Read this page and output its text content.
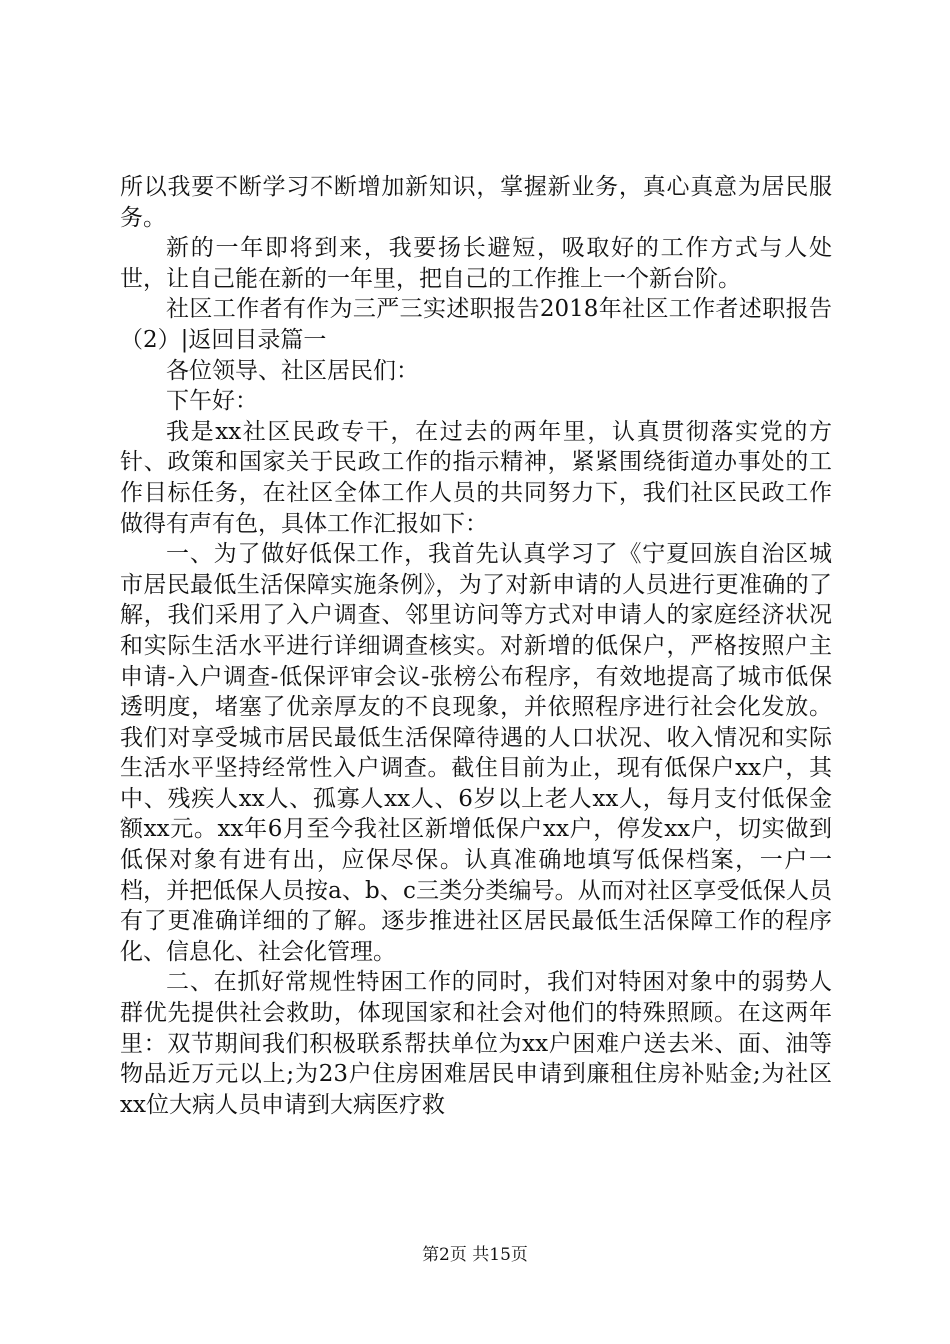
所以我要不断学习不断增加新知识，掌握新业务，真心真意为居民服务。

新的一年即将到来，我要扬长避短，吸取好的工作方式与人处世，让自己能在新的一年里，把自己的工作推上一个新台阶。

社区工作者有作为三严三实述职报告2018年社区工作者述职报告（2）|返回目录篇一

各位领导、社区居民们：

下午好：

我是xx社区民政专干，在过去的两年里，认真贯彻落实党的方针、政策和国家关于民政工作的指示精神，紧紧围绕街道办事处的工作目标任务，在社区全体工作人员的共同努力下，我们社区民政工作做得有声有色，具体工作汇报如下：

一、为了做好低保工作，我首先认真学习了《宁夏回族自治区城市居民最低生活保障实施条例》，为了对新申请的人员进行更准确的了解，我们采用了入户调查、邻里访问等方式对申请人的家庭经济状况和实际生活水平进行详细调查核实。对新增的低保户，严格按照户主申请-入户调查-低保评审会议-张榜公布程序，有效地提高了城市低保透明度，堵塞了优亲厚友的不良现象，并依照程序进行社会化发放。我们对享受城市居民最低生活保障待遇的人口状况、收入情况和实际生活水平坚持经常性入户调查。截住目前为止，现有低保户xx户，其中、残疾人xx人、孤寡人xx人、6岁以上老人xx人，每月支付低保金额xx元。xx年6月至今我社区新增低保户xx户，停发xx户，切实做到低保对象有进有出，应保尽保。认真准确地填写低保档案，一户一档，并把低保人员按a、b、c三类分类编号。从而对社区享受低保人员有了更准确详细的了解。逐步推进社区居民最低生活保障工作的程序化、信息化、社会化管理。

二、在抓好常规性特困工作的同时，我们对特困对象中的弱势人群优先提供社会救助，体现国家和社会对他们的特殊照顾。在这两年里：双节期间我们积极联系帮扶单位为xx户困难户送去米、面、油等物品近万元以上;为23户住房困难居民申请到廉租住房补贴金;为社区xx位大病人员申请到大病医疗救

第2页 共15页
